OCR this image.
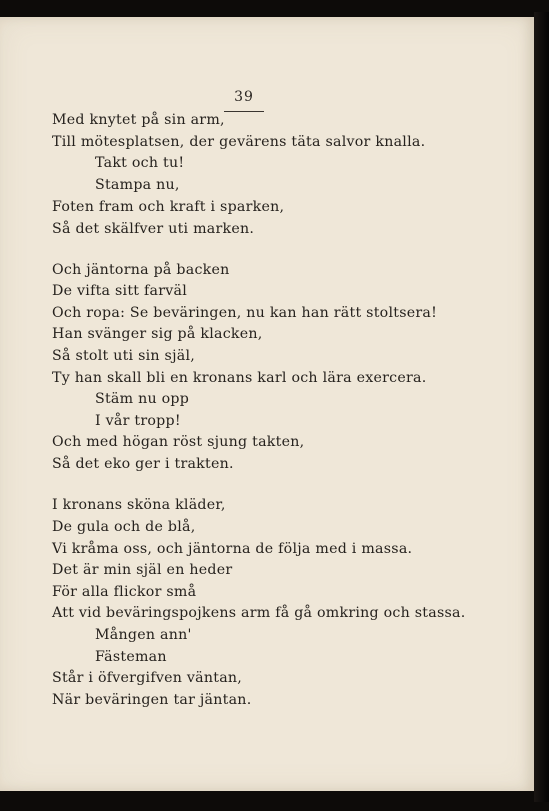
39
Med knytet på sin arm,
Till mötesplatsen, der gevärens täta salvor knalla.
Takt och tu!
Stampa nu,
Foten fram och kraft i sparken,
Så det skälfver uti marken.
Och jäntorna på backen
De vifta sitt farväl
Och ropa: Se beväringen, nu kan han rätt stoltsera!
Han svänger sig på klacken,
Så stolt uti sin själ,
Ty han skall bli en kronans karl och lära exercera.
Stäm nu opp
I vår tropp!
Och med högan röst sjung takten,
Så det eko ger i trakten.
I kronans sköna kläder,
De gula och de blå,
Vi kråma oss, och jäntorna de följa med i massa.
Det är min själ en heder
För alla flickor små
Att vid beväringspojkens arm få gå omkring och stassa.
Mången ann'
Fästeman
Står i öfvergifven väntan,
När beväringen tar jäntan.
